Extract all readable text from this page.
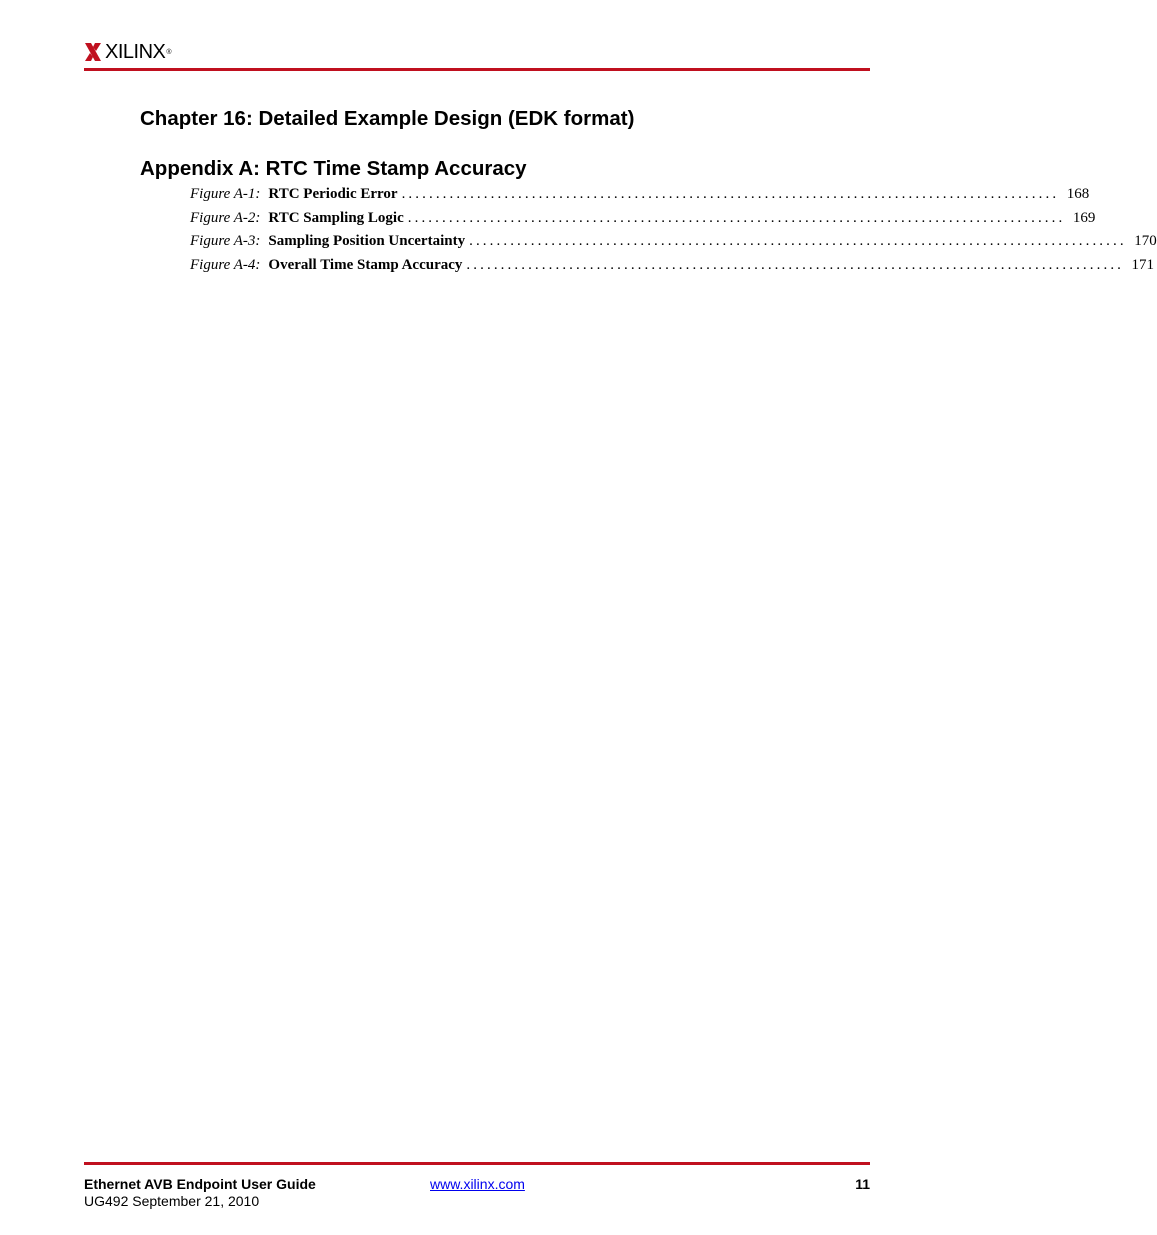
XILINX ®
Chapter 16: Detailed Example Design (EDK format)
Appendix A: RTC Time Stamp Accuracy
Figure A-1: RTC Periodic Error ................................................................................................ 168
Figure A-2: RTC Sampling Logic ................................................................................................ 169
Figure A-3: Sampling Position Uncertainty ................................................................................................ 170
Figure A-4: Overall Time Stamp Accuracy ................................................................................................ 171
Ethernet AVB Endpoint User Guide
UG492 September 21, 2010
www.xilinx.com	11
